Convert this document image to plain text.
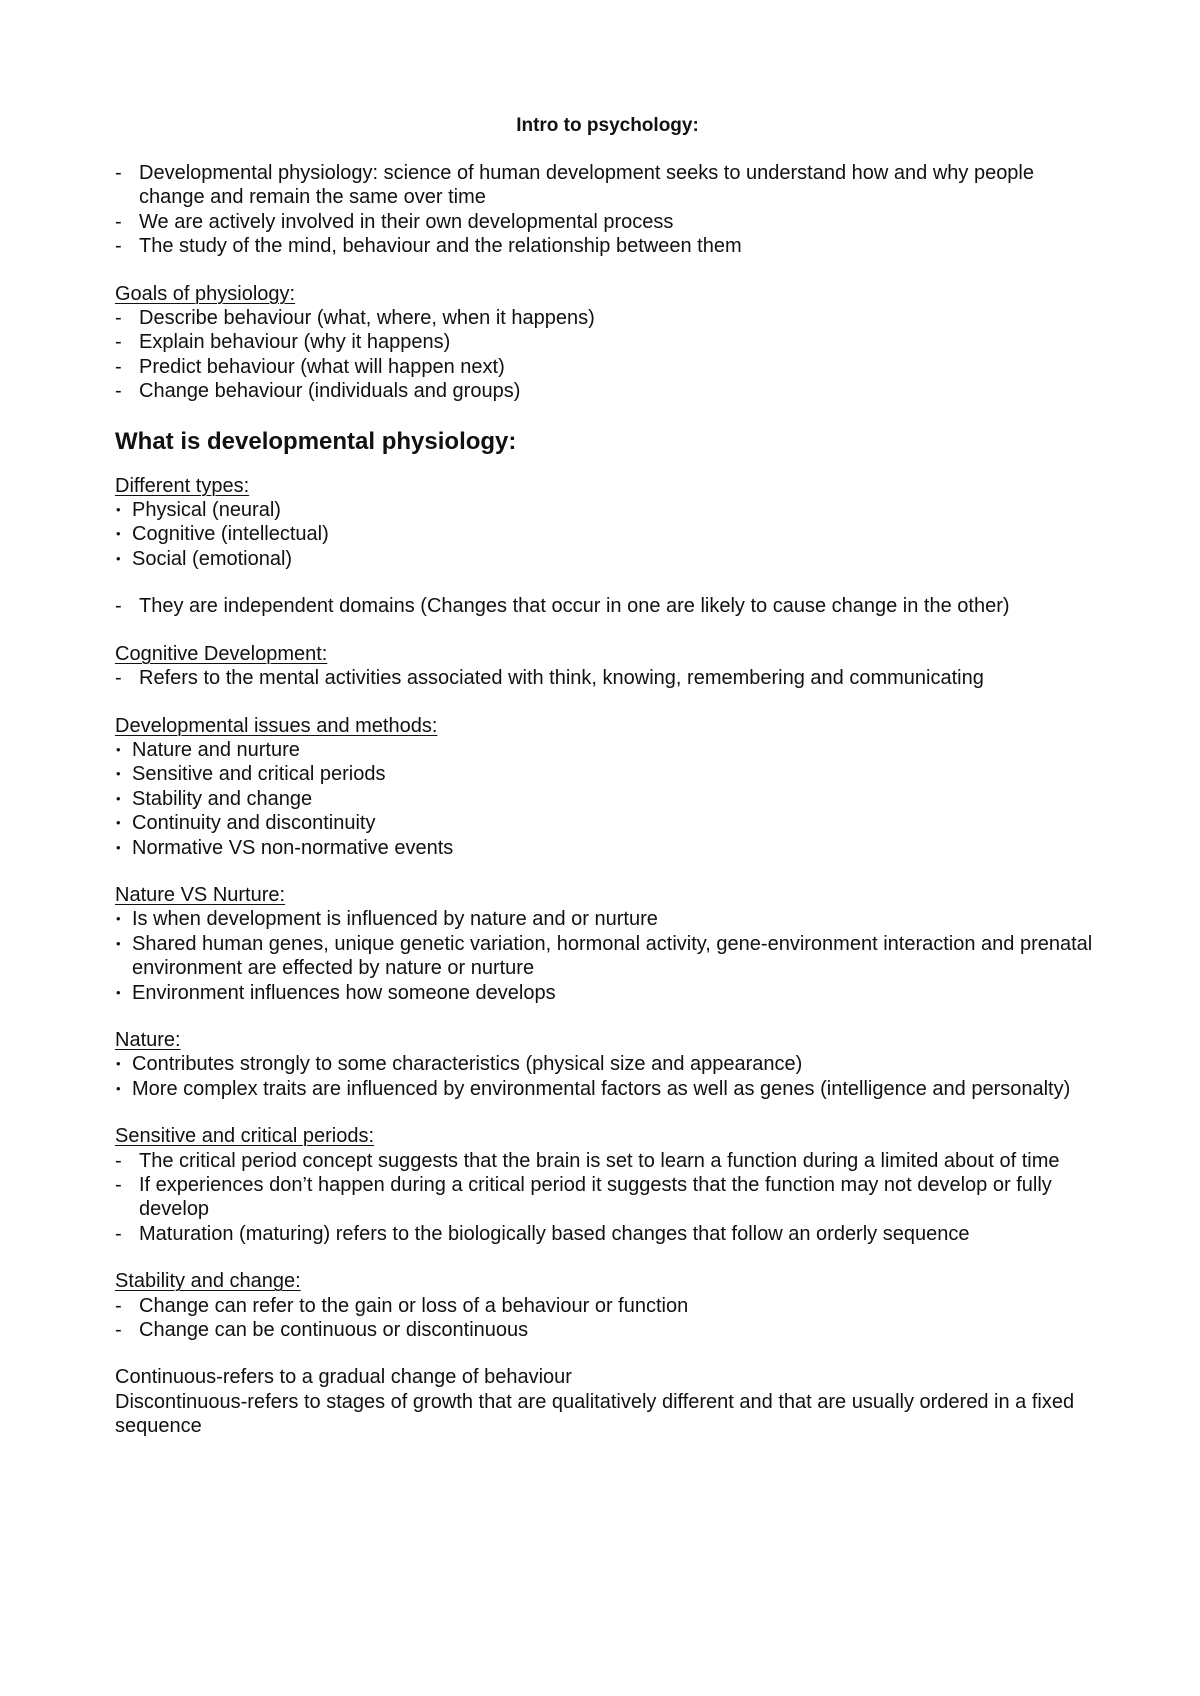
Intro to psychology:
- Developmental physiology: science of human development seeks to understand how and why people change and remain the same over time
- We are actively involved in their own developmental process
- The study of the mind, behaviour and the relationship between them
Goals of physiology:
- Describe behaviour (what, where, when it happens)
- Explain behaviour (why it happens)
- Predict behaviour (what will happen next)
- Change behaviour (individuals and groups)
What is developmental physiology:
Different types:
• Physical (neural)
• Cognitive (intellectual)
• Social (emotional)
- They are independent domains (Changes that occur in one are likely to cause change in the other)
Cognitive Development:
- Refers to the mental activities associated with think, knowing, remembering and communicating
Developmental issues and methods:
• Nature and nurture
• Sensitive and critical periods
• Stability and change
• Continuity and discontinuity
• Normative VS non-normative events
Nature VS Nurture:
• Is when development is influenced by nature and or nurture
• Shared human genes, unique genetic variation, hormonal activity, gene-environment interaction and prenatal environment are effected by nature or nurture
• Environment influences how someone develops
Nature:
• Contributes strongly to some characteristics (physical size and appearance)
• More complex traits are influenced by environmental factors as well as genes (intelligence and personalty)
Sensitive and critical periods:
- The critical period concept suggests that the brain is set to learn a function during a limited about of time
- If experiences don’t happen during a critical period it suggests that the function may not develop or fully develop
- Maturation (maturing) refers to the biologically based changes that follow an orderly sequence
Stability and change:
- Change can refer to the gain or loss of a behaviour or function
- Change can be continuous or discontinuous

Continuous-refers to a gradual change of behaviour

Discontinuous-refers to stages of growth that are qualitatively different and that are usually ordered in a fixed sequence
